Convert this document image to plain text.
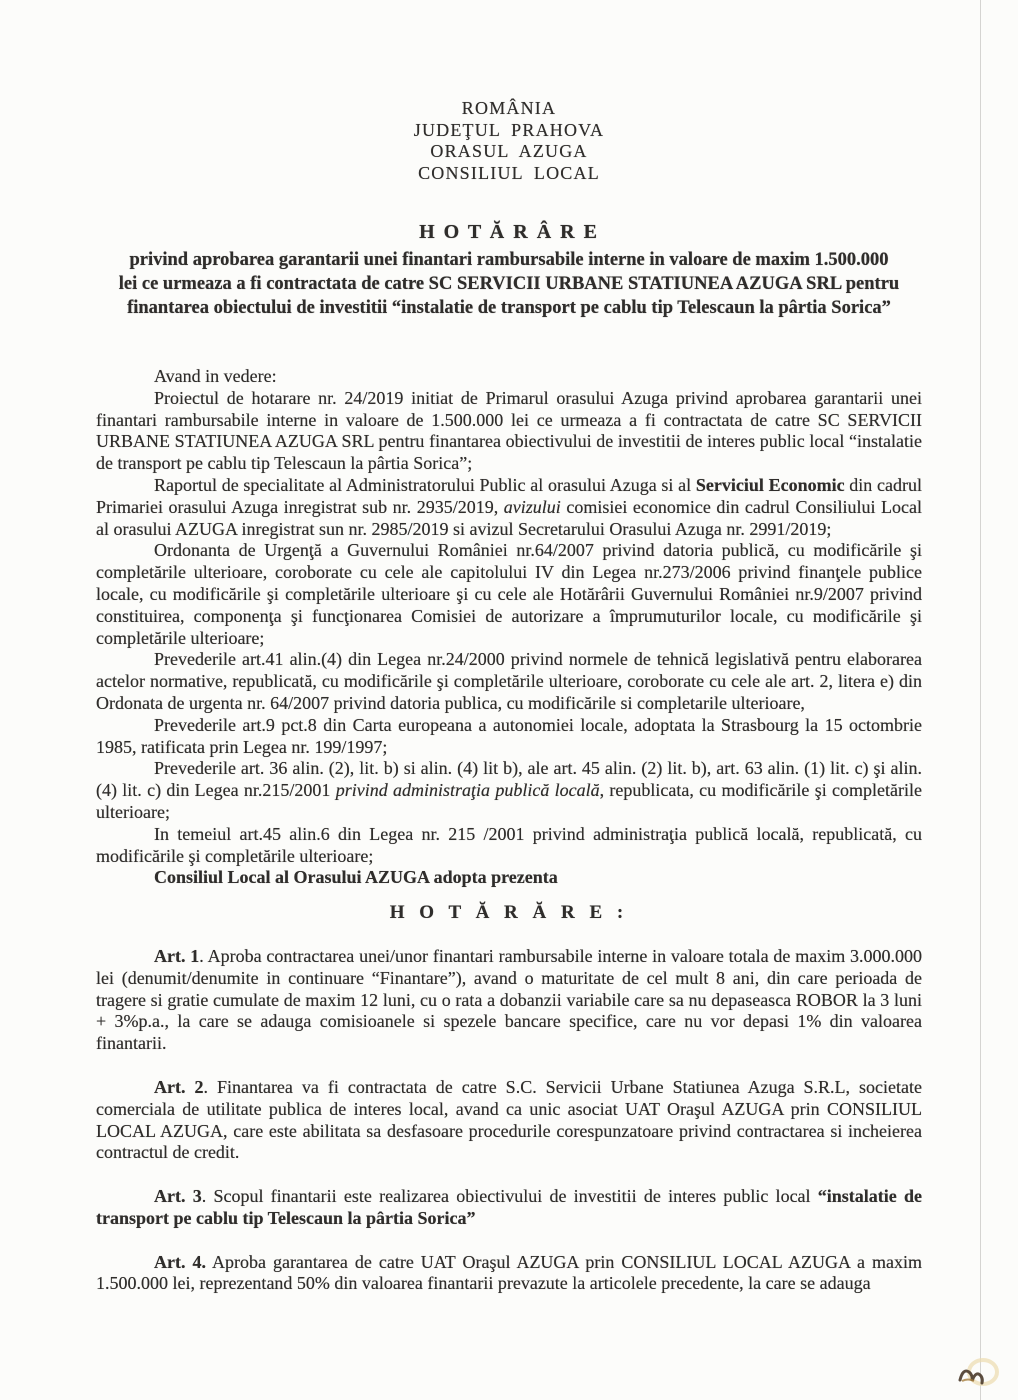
ROMÂNIA
JUDEŢUL PRAHOVA
ORASUL AZUGA
CONSILIUL LOCAL
H O T Ă R Â R E
privind aprobarea garantarii unei finantari rambursabile interne in valoare de maxim 1.500.000
lei ce urmeaza a fi contractata de catre SC SERVICII URBANE STATIUNEA AZUGA SRL pentru
finantarea obiectului de investitii “instalatie de transport pe cablu tip Telescaun la pârtia Sorica”

Avand in vedere:

Proiectul de hotarare nr. 24/2019 initiat de Primarul orasului Azuga privind aprobarea garantarii unei finantari rambursabile interne in valoare de 1.500.000 lei ce urmeaza a fi contractata de catre SC SERVICII URBANE STATIUNEA AZUGA SRL pentru finantarea obiectivului de investitii de interes public local “instalatie de transport pe cablu tip Telescaun la pârtia Sorica”;

Raportul de specialitate al Administratorului Public al orasului Azuga si al Serviciul Economic din cadrul Primariei orasului Azuga inregistrat sub nr. 2935/2019, avizului comisiei economice din cadrul Consiliului Local al orasului AZUGA inregistrat sun nr. 2985/2019 si avizul Secretarului Orasului Azuga nr. 2991/2019;

Ordonanta de Urgenţă a Guvernului României nr.64/2007 privind datoria publică, cu modificările şi completările ulterioare, coroborate cu cele ale capitolului IV din Legea nr.273/2006 privind finanţele publice locale, cu modificările şi completările ulterioare şi cu cele ale Hotărârii Guvernului României nr.9/2007 privind constituirea, componenţa şi funcţionarea Comisiei de autorizare a împrumuturilor locale, cu modificările şi completările ulterioare;

Prevederile art.41 alin.(4) din Legea nr.24/2000 privind normele de tehnică legislativă pentru elaborarea actelor normative, republicată, cu modificările şi completările ulterioare, coroborate cu cele ale art. 2, litera e) din Ordonata de urgenta nr. 64/2007 privind datoria publica, cu modificările si completarile ulterioare,

Prevederile art.9 pct.8 din Carta europeana a autonomiei locale, adoptata la Strasbourg la 15 octombrie 1985, ratificata prin Legea nr. 199/1997;

Prevederile art. 36 alin. (2), lit. b) si alin. (4) lit b), ale art. 45 alin. (2) lit. b), art. 63 alin. (1) lit. c) şi alin. (4) lit. c) din Legea nr.215/2001 privind administraţia publică locală, republicata, cu modificările şi completările ulterioare;

In temeiul art.45 alin.6 din Legea nr. 215 /2001 privind administraţia publică locală, republicată, cu modificările şi completările ulterioare;

Consiliul Local al Orasului AZUGA adopta prezenta

H O T Ă R Ă R E :

Art. 1. Aproba contractarea unei/unor finantari rambursabile interne in valoare totala de maxim 3.000.000 lei (denumit/denumite in continuare “Finantare”), avand o maturitate de cel mult 8 ani, din care perioada de tragere si gratie cumulate de maxim 12 luni, cu o rata a dobanzii variabile care sa nu depaseasca ROBOR la 3 luni + 3%p.a., la care se adauga comisioanele si spezele bancare specifice, care nu vor depasi 1% din valoarea finantarii.

Art. 2. Finantarea va fi contractata de catre S.C. Servicii Urbane Statiunea Azuga S.R.L, societate comerciala de utilitate publica de interes local, avand ca unic asociat UAT Oraşul AZUGA prin CONSILIUL LOCAL AZUGA, care este abilitata sa desfasoare procedurile corespunzatoare privind contractarea si incheierea contractul de credit.

Art. 3. Scopul finantarii este realizarea obiectivului de investitii de interes public local “instalatie de transport pe cablu tip Telescaun la pârtia Sorica”

Art. 4. Aproba garantarea de catre UAT Oraşul AZUGA prin CONSILIUL LOCAL AZUGA a maxim 1.500.000 lei, reprezentand 50% din valoarea finantarii prevazute la articolele precedente, la care se adauga
